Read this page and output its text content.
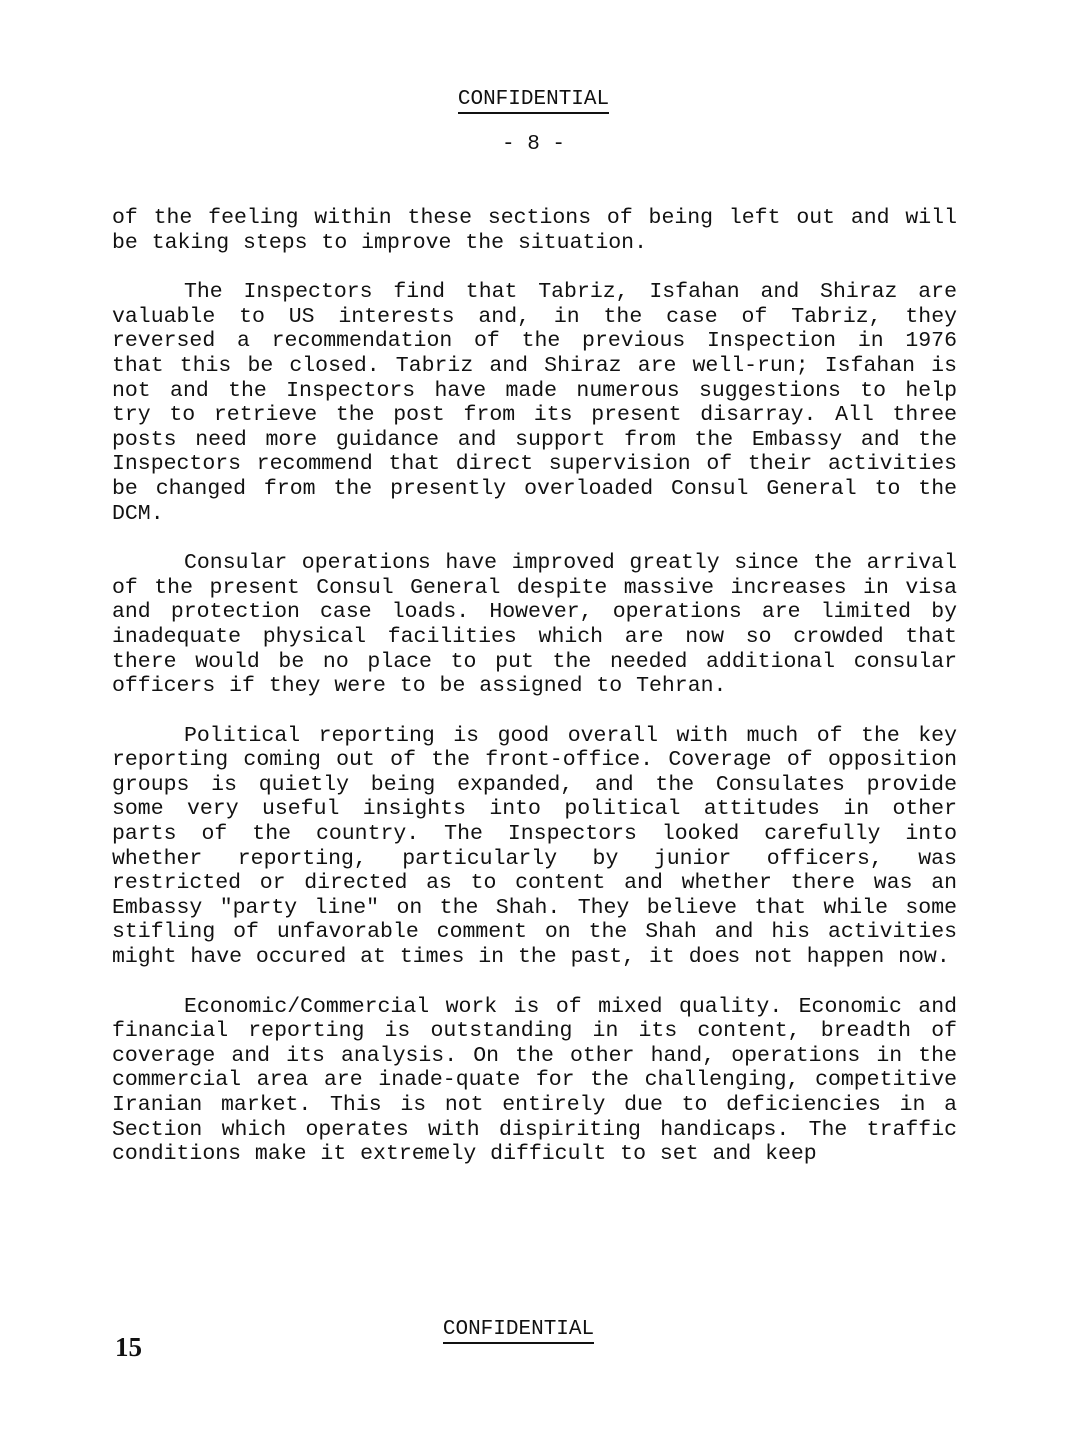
CONFIDENTIAL
- 8 -

of the feeling within these sections of being left out and will be taking steps to improve the situation.

The Inspectors find that Tabriz, Isfahan and Shiraz are valuable to US interests and, in the case of Tabriz, they reversed a recommendation of the previous Inspection in 1976 that this be closed. Tabriz and Shiraz are well-run; Isfahan is not and the Inspectors have made numerous suggestions to help try to retrieve the post from its present disarray. All three posts need more guidance and support from the Embassy and the Inspectors recommend that direct supervision of their activities be changed from the presently overloaded Consul General to the DCM.

Consular operations have improved greatly since the arrival of the present Consul General despite massive increases in visa and protection case loads. However, operations are limited by inadequate physical facilities which are now so crowded that there would be no place to put the needed additional consular officers if they were to be assigned to Tehran.

Political reporting is good overall with much of the key reporting coming out of the front-office. Coverage of opposition groups is quietly being expanded, and the Consulates provide some very useful insights into political attitudes in other parts of the country. The Inspectors looked carefully into whether reporting, particularly by junior officers, was restricted or directed as to content and whether there was an Embassy "party line" on the Shah. They believe that while some stifling of unfavorable comment on the Shah and his activities might have occured at times in the past, it does not happen now.

Economic/Commercial work is of mixed quality. Economic and financial reporting is outstanding in its content, breadth of coverage and its analysis. On the other hand, operations in the commercial area are inade-quate for the challenging, competitive Iranian market. This is not entirely due to deficiencies in a Section which operates with dispiriting handicaps. The traffic conditions make it extremely difficult to set and keep

CONFIDENTIAL
15
